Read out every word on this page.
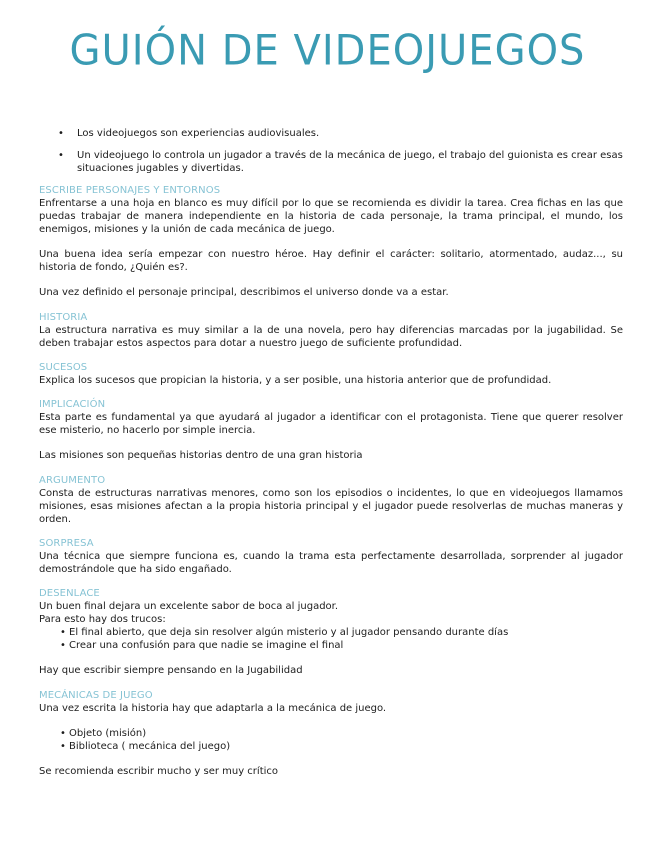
GUIÓN DE VIDEOJUEGOS
• Los videojuegos son experiencias audiovisuales.
• Un videojuego lo controla un jugador a través de la mecánica de juego, el trabajo del guionista es crear esas situaciones jugables y divertidas.
ESCRIBE PERSONAJES Y ENTORNOS

Enfrentarse a una hoja en blanco es muy difícil por lo que se recomienda es dividir la tarea. Crea fichas en las que puedas trabajar de manera independiente en la historia de cada personaje, la trama principal, el mundo, los enemigos, misiones y la unión de cada mecánica de juego.

Una buena idea sería empezar con nuestro héroe. Hay definir el carácter: solitario, atormentado, audaz..., su historia de fondo, ¿Quién es?.

Una vez definido el personaje principal, describimos el universo donde va a estar.

HISTORIA

La estructura narrativa es muy similar a la de una novela, pero hay diferencias marcadas por la jugabilidad. Se deben trabajar estos aspectos para dotar a nuestro juego de suficiente profundidad.

SUCESOS

Explica los sucesos que propician la historia, y a ser posible, una historia anterior que de profundidad.

IMPLICACIÓN

Esta parte es fundamental ya que ayudará al jugador a identificar con el protagonista. Tiene que querer resolver ese misterio, no hacerlo por simple inercia.

Las misiones son pequeñas historias dentro de una gran historia

ARGUMENTO

Consta de estructuras narrativas menores, como son los episodios o incidentes, lo que en videojuegos llamamos misiones, esas misiones afectan a la propia historia principal y el jugador puede resolverlas de muchas maneras y orden.

SORPRESA

Una técnica que siempre funciona es, cuando la trama esta perfectamente desarrollada, sorprender al jugador demostrándole que ha sido engañado.

DESENLACE

Un buen final dejara un excelente sabor de boca al jugador.

Para esto hay dos trucos:

• El final abierto, que deja sin resolver algún misterio y al jugador pensando durante días
• Crear una confusión para que nadie se imagine el final

Hay que escribir siempre pensando en la Jugabilidad

MECÁNICAS DE JUEGO

Una vez escrita la historia hay que adaptarla a la mecánica de juego.

• Objeto (misión)
• Biblioteca ( mecánica del juego)

Se recomienda escribir mucho y ser muy crítico
